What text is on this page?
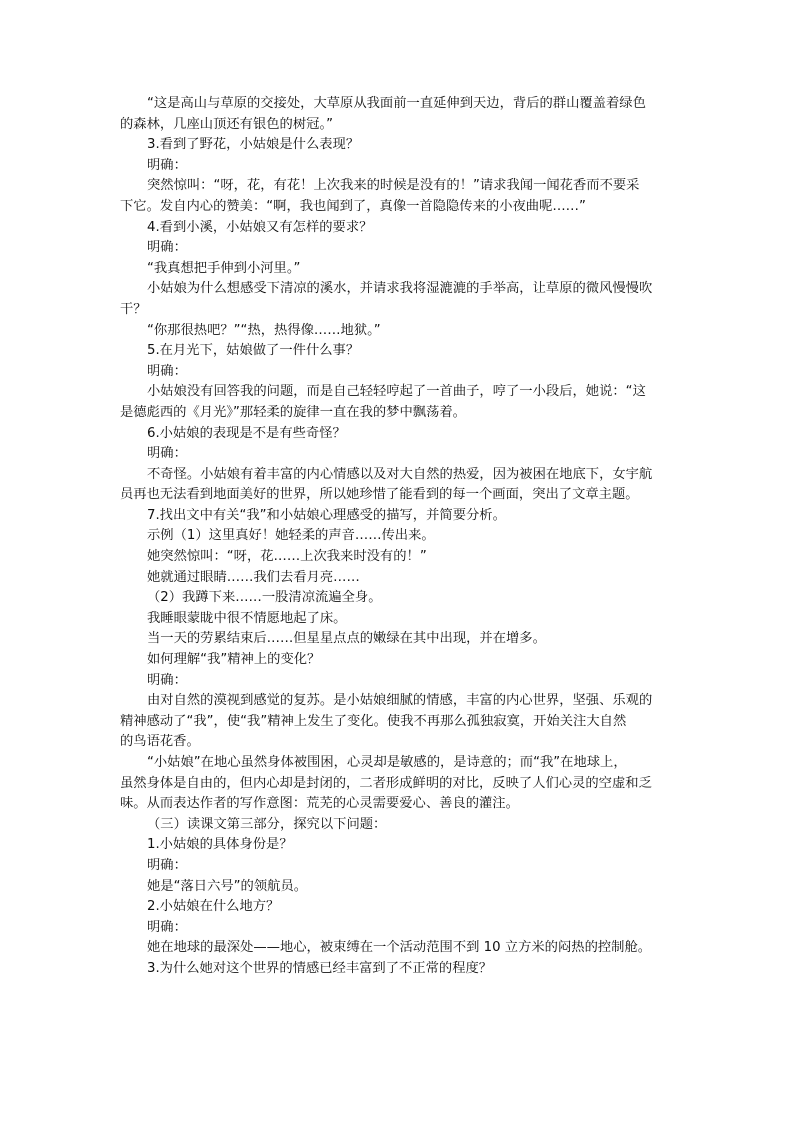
“这是高山与草原的交接处，大草原从我面前一直延伸到天边，背后的群山覆盖着绿色
的森林，几座山顶还有银色的树冠。”
3.看到了野花，小姑娘是什么表现？
明确：
突然惊叫：“呀，花，有花！上次我来的时候是没有的！”请求我闻一闻花香而不要采
下它。发自内心的赞美：“啊，我也闻到了，真像一首隐隐传来的小夜曲呢……”
4.看到小溪，小姑娘又有怎样的要求？
明确：
“我真想把手伸到小河里。”
小姑娘为什么想感受下清凉的溪水，并请求我将湿漉漉的手举高，让草原的微风慢慢吹
干？
“你那很热吧？”“热，热得像……地狱。”
5.在月光下，姑娘做了一件什么事？
明确：
小姑娘没有回答我的问题，而是自己轻轻哼起了一首曲子，哼了一小段后，她说：“这
是德彪西的《月光》”那轻柔的旋律一直在我的梦中飘荡着。
6.小姑娘的表现是不是有些奇怪？
明确：
不奇怪。小姑娘有着丰富的内心情感以及对大自然的热爱，因为被困在地底下，女宇航
员再也无法看到地面美好的世界，所以她珍惜了能看到的每一个画面，突出了文章主题。
7.找出文中有关“我”和小姑娘心理感受的描写，并简要分析。
示例（1）这里真好！她轻柔的声音……传出来。
她突然惊叫：“呀，花……上次我来时没有的！”
她就通过眼睛……我们去看月亮……
（2）我蹲下来……一股清凉流遍全身。
我睡眼蒙眬中很不情愿地起了床。
当一天的劳累结束后……但星星点点的嫩绿在其中出现，并在增多。
如何理解“我”精神上的变化？
明确：
由对自然的漠视到感觉的复苏。是小姑娘细腻的情感，丰富的内心世界，坚强、乐观的
精神感动了“我”，使“我”精神上发生了变化。使我不再那么孤独寂寞，开始关注大自然
的鸟语花香。
“小姑娘”在地心虽然身体被围困，心灵却是敏感的，是诗意的；而“我”在地球上，
虽然身体是自由的，但内心却是封闭的，二者形成鲜明的对比，反映了人们心灵的空虚和乏
味。从而表达作者的写作意图：荒芜的心灵需要爱心、善良的灌注。
（三）读课文第三部分，探究以下问题：
1.小姑娘的具体身份是？
明确：
她是“落日六号”的领航员。
2.小姑娘在什么地方？
明确：
她在地球的最深处——地心，被束缚在一个活动范围不到 10 立方米的闷热的控制舱。
3.为什么她对这个世界的情感已经丰富到了不正常的程度？
